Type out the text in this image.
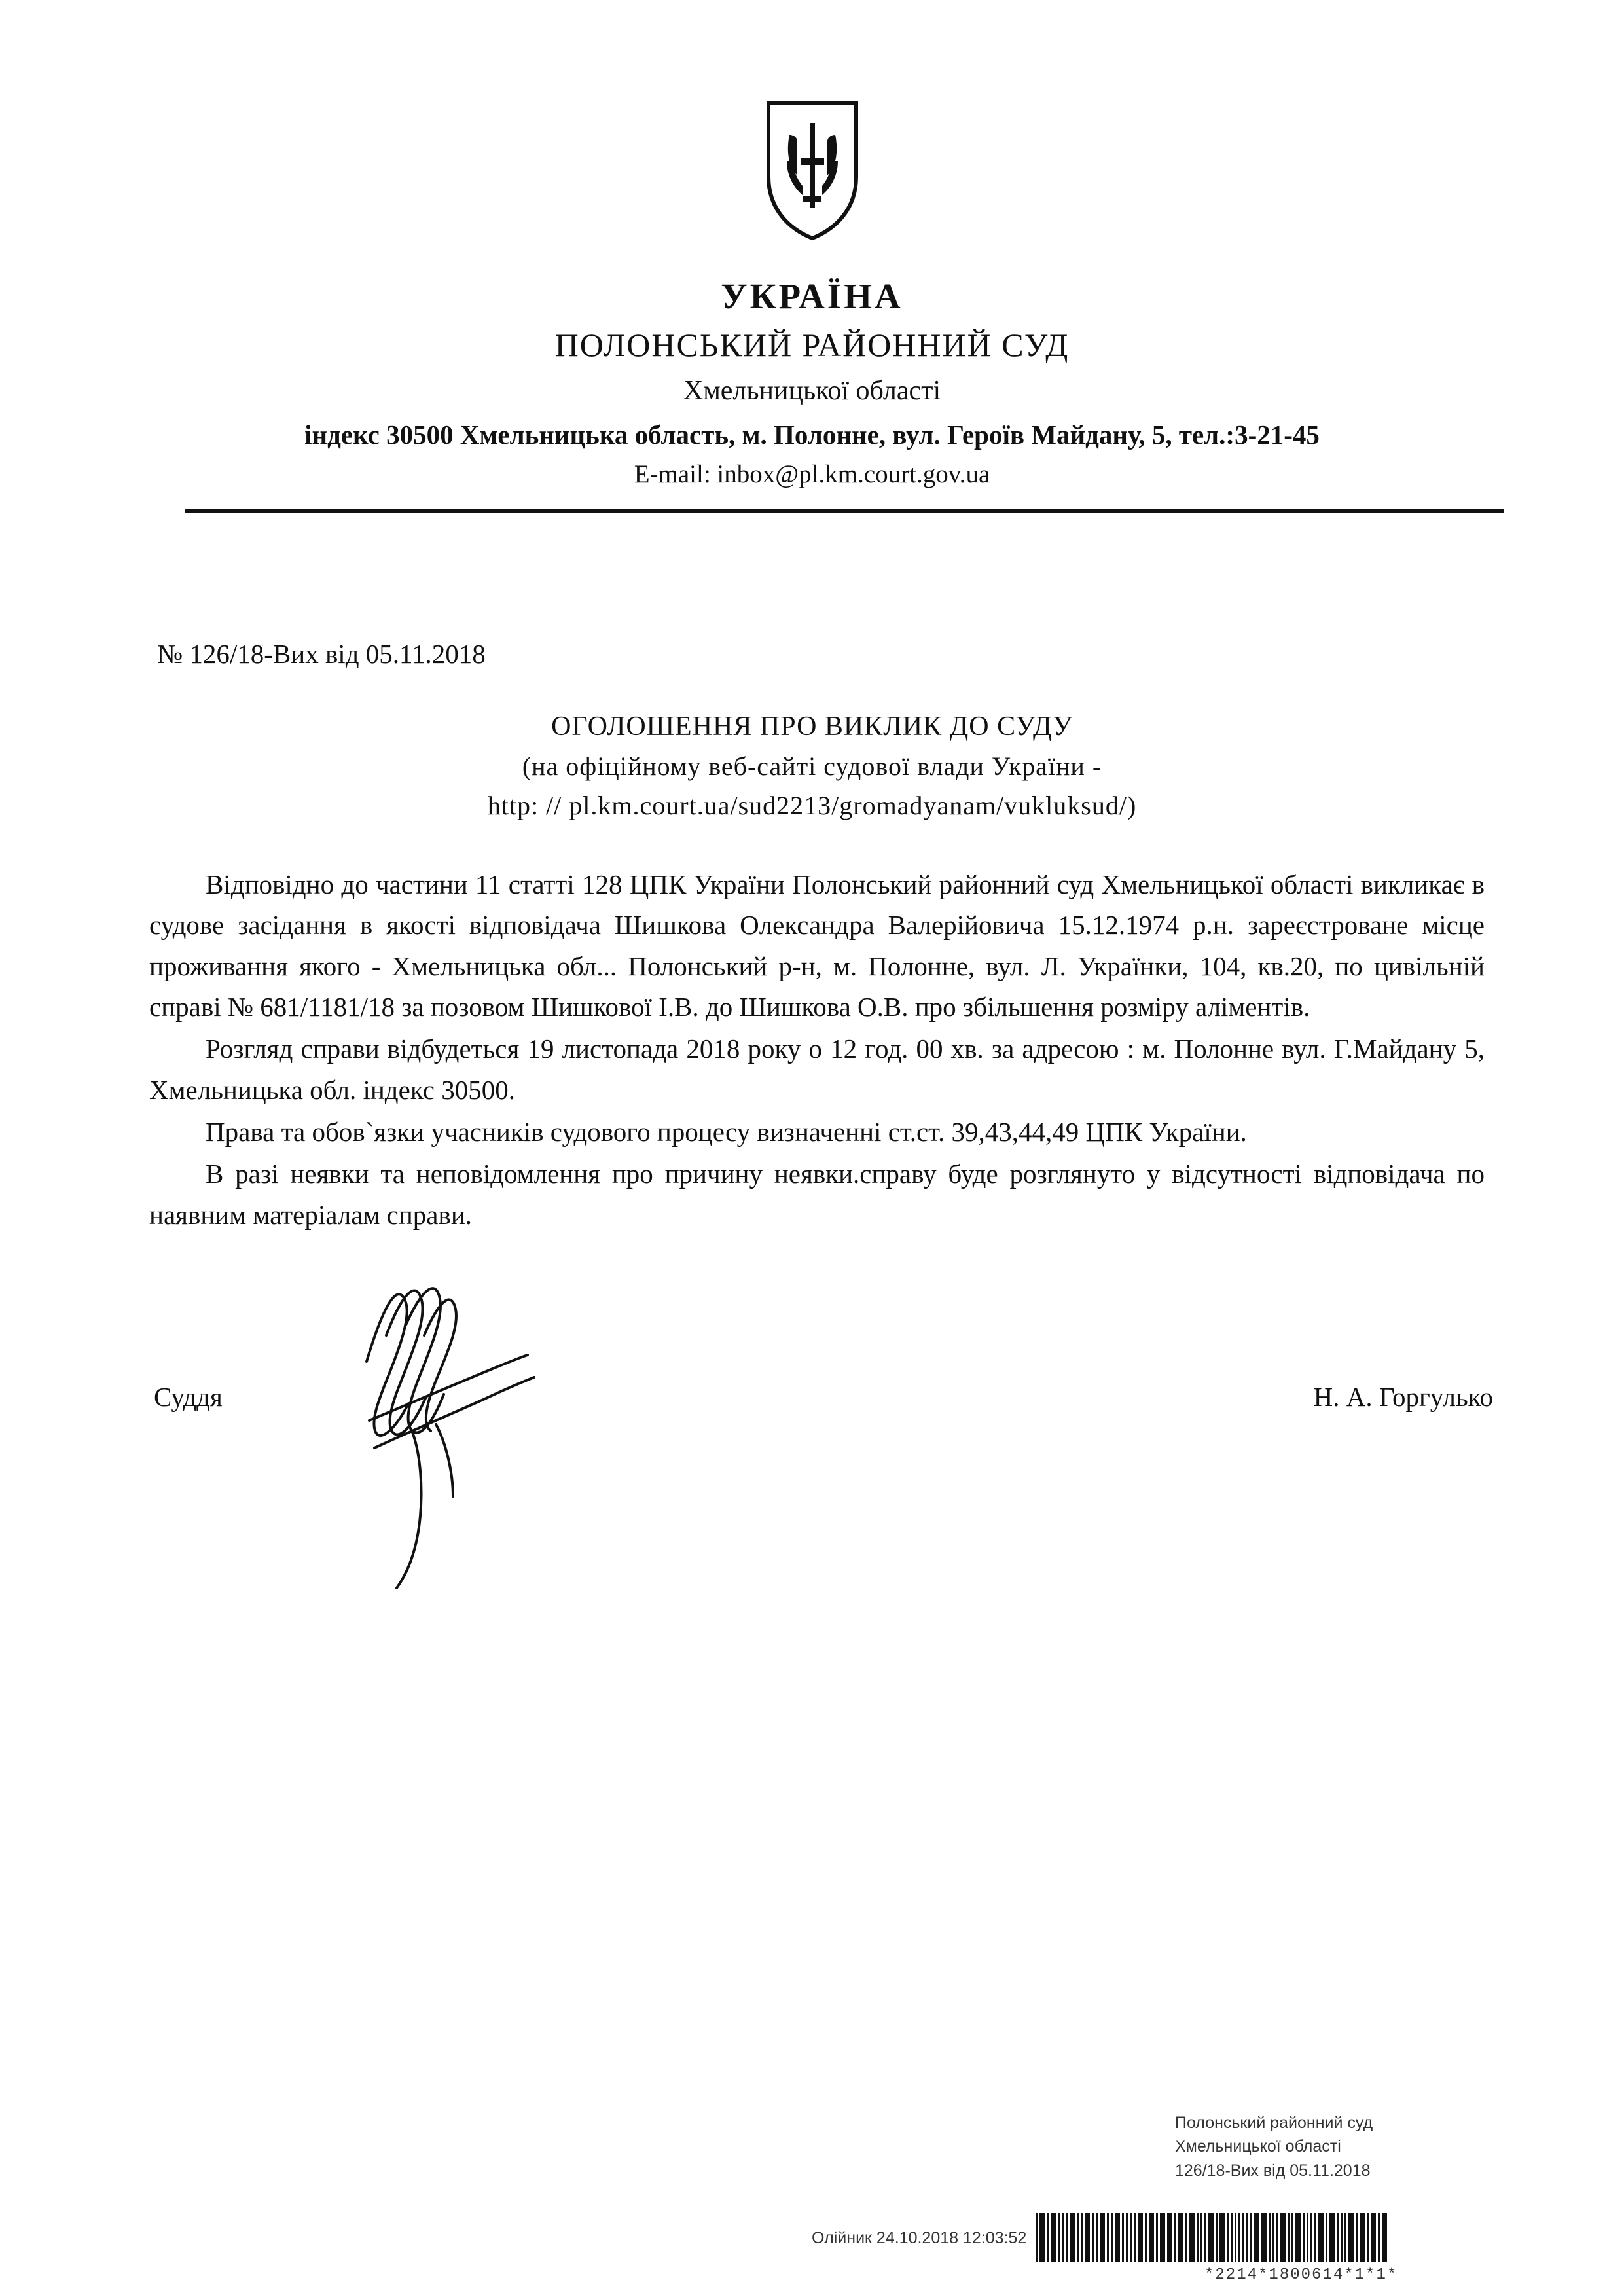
УКРАЇНА
ПОЛОНСЬКИЙ РАЙОННИЙ СУД
Хмельницької області
індекс 30500 Хмельницька область, м. Полонне, вул. Героїв Майдану, 5, тел.:3-21-45
E-mail: inbox@pl.km.court.gov.ua
№ 126/18-Вих від 05.11.2018
ОГОЛОШЕННЯ ПРО ВИКЛИК ДО СУДУ
(на офіційному веб-сайті судової влади України -
http: // pl.km.court.ua/sud2213/gromadyanam/vukluksud/)

Відповідно до частини 11 статті 128 ЦПК України Полонський районний суд Хмельницької області викликає в судове засідання в якості відповідача Шишкова Олександра Валерійовича 15.12.1974 р.н. зареєстроване місце проживання якого - Хмельницька обл... Полонський р-н, м. Полонне, вул. Л. Українки, 104, кв.20, по цивільній справі № 681/1181/18 за позовом Шишкової І.В. до Шишкова О.В. про збільшення розміру аліментів.

Розгляд справи відбудеться 19 листопада 2018 року о 12 год. 00 хв. за адресою : м. Полонне вул. Г.Майдану 5, Хмельницька обл. індекс 30500.

Права та обов`язки учасників судового процесу визначенні ст.ст. 39,43,44,49 ЦПК України.

В разі неявки та неповідомлення про причину неявки.справу буде розглянуто у відсутності відповідача по наявним матеріалам справи.

Суддя	Н. А. Горгулько
Полонський районний суд
Хмельницької області
126/18-Вих від 05.11.2018
Олійник 24.10.2018 12:03:52
*2214*1800614*1*1*
